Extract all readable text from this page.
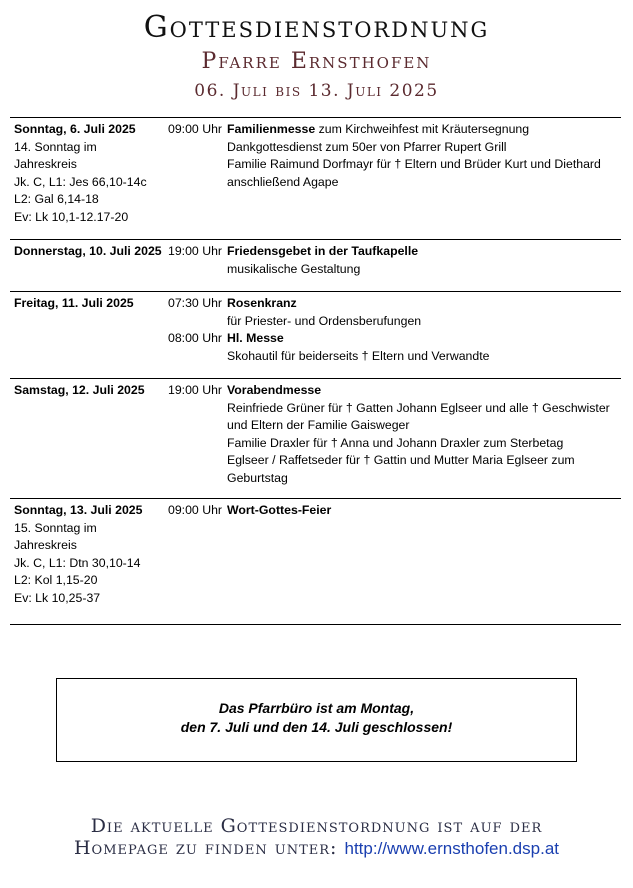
Gottesdienstordnung
Pfarre Ernsthofen
06. Juli bis 13. Juli 2025
Sonntag, 6. Juli 2025
14. Sonntag im
Jahreskreis
Jk. C, L1: Jes 66,10-14c
L2: Gal 6,14-18
Ev: Lk 10,1-12.17-20
09:00 Uhr Familienmesse zum Kirchweihfest mit Kräutersegnung
Dankgottesdienst zum 50er von Pfarrer Rupert Grill
Familie Raimund Dorfmayr für † Eltern und Brüder Kurt und Diethard
anschließend Agape
Donnerstag, 10. Juli 2025 19:00 Uhr Friedensgebet in der Taufkapelle
musikalische Gestaltung
Freitag, 11. Juli 2025	07:30 Uhr Rosenkranz
für Priester- und Ordensberufungen
08:00 Uhr Hl. Messe
Skohautil für beiderseits † Eltern und Verwandte
Samstag, 12. Juli 2025	19:00 Uhr Vorabendmesse
Reinfriede Grüner für † Gatten Johann Eglseer und alle † Geschwister
und Eltern der Familie Gaisweger
Familie Draxler für † Anna und Johann Draxler zum Sterbetag
Eglseer / Raffetseder für † Gattin und Mutter Maria Eglseer zum
Geburtstag
Sonntag, 13. Juli 2025
15. Sonntag im
Jahreskreis
Jk. C, L1: Dtn 30,10-14
L2: Kol 1,15-20
Ev: Lk 10,25-37
09:00 Uhr Wort-Gottes-Feier
Das Pfarrbüro ist am Montag,
den 7. Juli und den 14. Juli geschlossen!
Die aktuelle Gottesdienstordnung ist auf der
Homepage zu finden unter: http://www.ernsthofen.dsp.at
